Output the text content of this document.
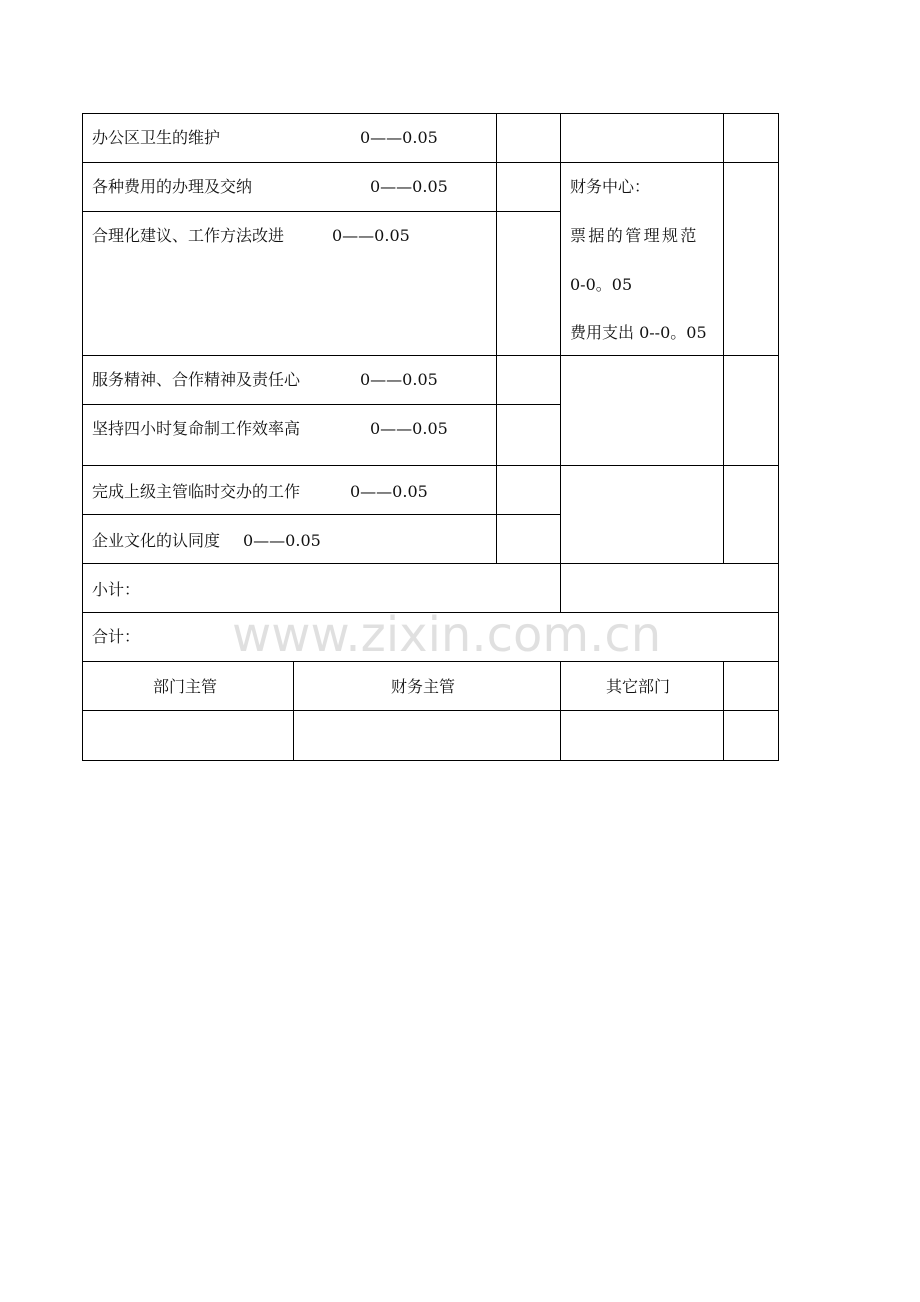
办公区卫生的维护	0——0.05
各种费用的办理及交纳	0——0.05
合理化建议、工作方法改进	0——0.05
财务中心：
票据的管理规范
0-0。05
费用支出 0--0。05
服务精神、合作精神及责任心	0——0.05
坚持四小时复命制工作效率高	0——0.05
完成上级主管临时交办的工作	0——0.05
企业文化的认同度 0——0.05
小计：
合计：
部门主管	财务主管	其它部门
www.zixin.com.cn
